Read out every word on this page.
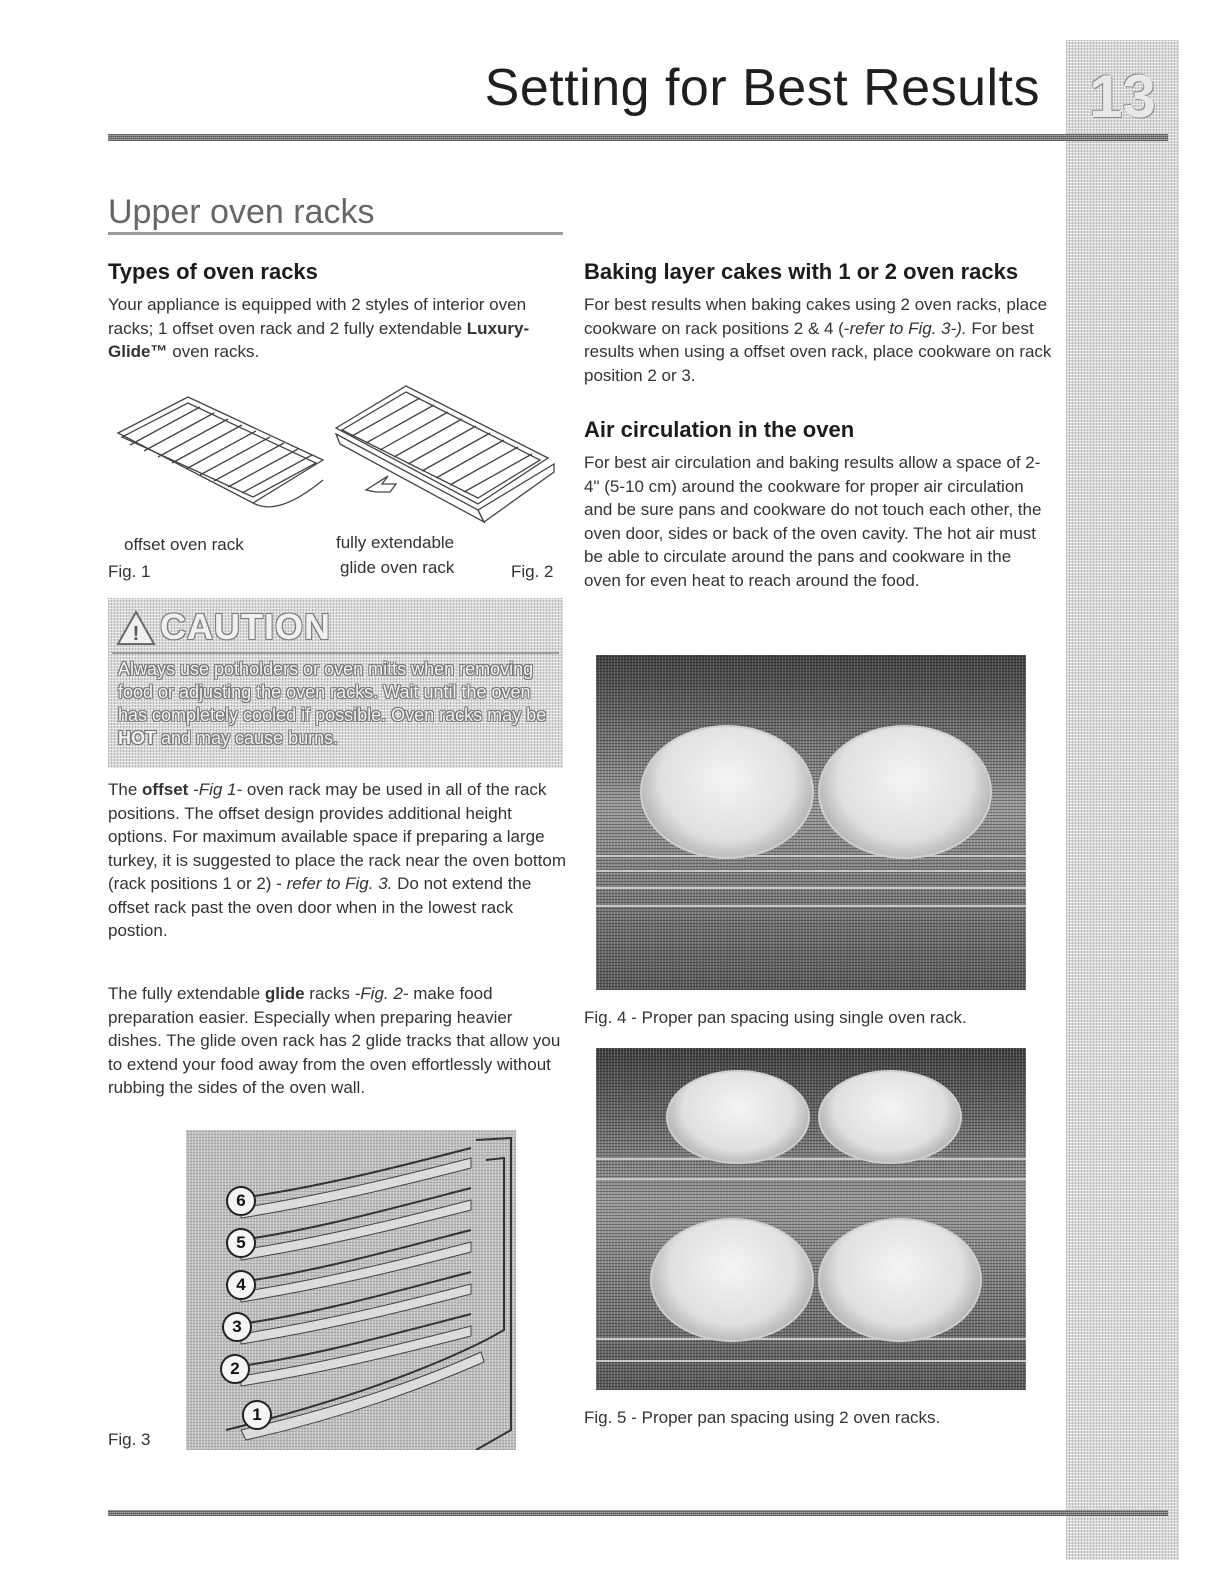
13
Setting for Best Results
Upper oven racks
Types of oven racks
Your appliance is equipped with 2 styles of interior oven racks; 1 offset oven rack and 2 fully extendable Luxury-Glide™ oven racks.
offset oven rack
Fig. 1
fully extendable
glide oven rack	Fig. 2
! CAUTION
Always use potholders or oven mitts when removing food or adjusting the oven racks. Wait until the oven has completely cooled if possible. Oven racks may be HOT and may cause burns.
The offset -Fig 1- oven rack may be used in all of the rack positions. The offset design provides additional height options. For maximum available space if preparing a large turkey, it is suggested to place the rack near the oven bottom (rack positions 1 or 2) - refer to Fig. 3. Do not extend the offset rack past the oven door when in the lowest rack postion.
The fully extendable glide racks -Fig. 2- make food preparation easier. Especially when preparing heavier dishes. The glide oven rack has 2 glide tracks that allow you to extend your food away from the oven effortlessly without rubbing the sides of the oven wall.
6
5
4
3
2
1
Fig. 3
Baking layer cakes with 1 or 2 oven racks
For best results when baking cakes using 2 oven racks, place cookware on rack positions 2 & 4 (-refer to Fig. 3-). For best results when using a offset oven rack, place cookware on rack position 2 or 3.
Air circulation in the oven
For best air circulation and baking results allow a space of 2-4" (5-10 cm) around the cookware for proper air circulation and be sure pans and cookware do not touch each other, the oven door, sides or back of the oven cavity. The hot air must be able to circulate around the pans and cookware in the oven for even heat to reach around the food.
Fig. 4 - Proper pan spacing using single oven rack.
Fig. 5 - Proper pan spacing using 2 oven racks.
